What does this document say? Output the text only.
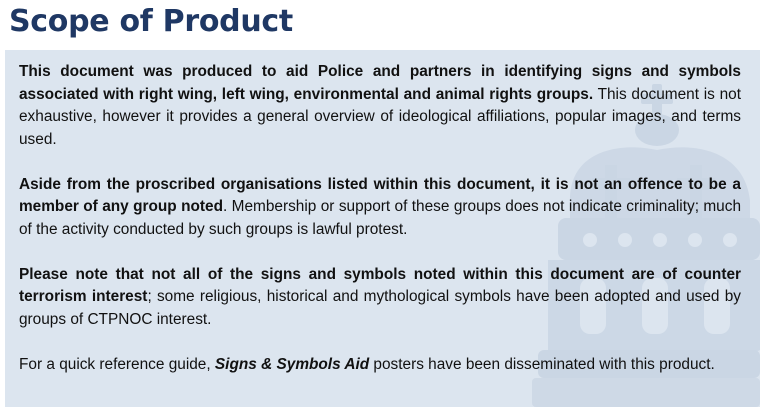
Scope of Product

This document was produced to aid Police and partners in identifying signs and symbols associated with right wing, left wing, environmental and animal rights groups. This document is not exhaustive, however it provides a general overview of ideological affiliations, popular images, and terms used.

Aside from the proscribed organisations listed within this document, it is not an offence to be a member of any group noted. Membership or support of these groups does not indicate criminality; much of the activity conducted by such groups is lawful protest.

Please note that not all of the signs and symbols noted within this document are of counter terrorism interest; some religious, historical and mythological symbols have been adopted and used by groups of CTPNOC interest.

For a quick reference guide, Signs & Symbols Aid posters have been disseminated with this product.
